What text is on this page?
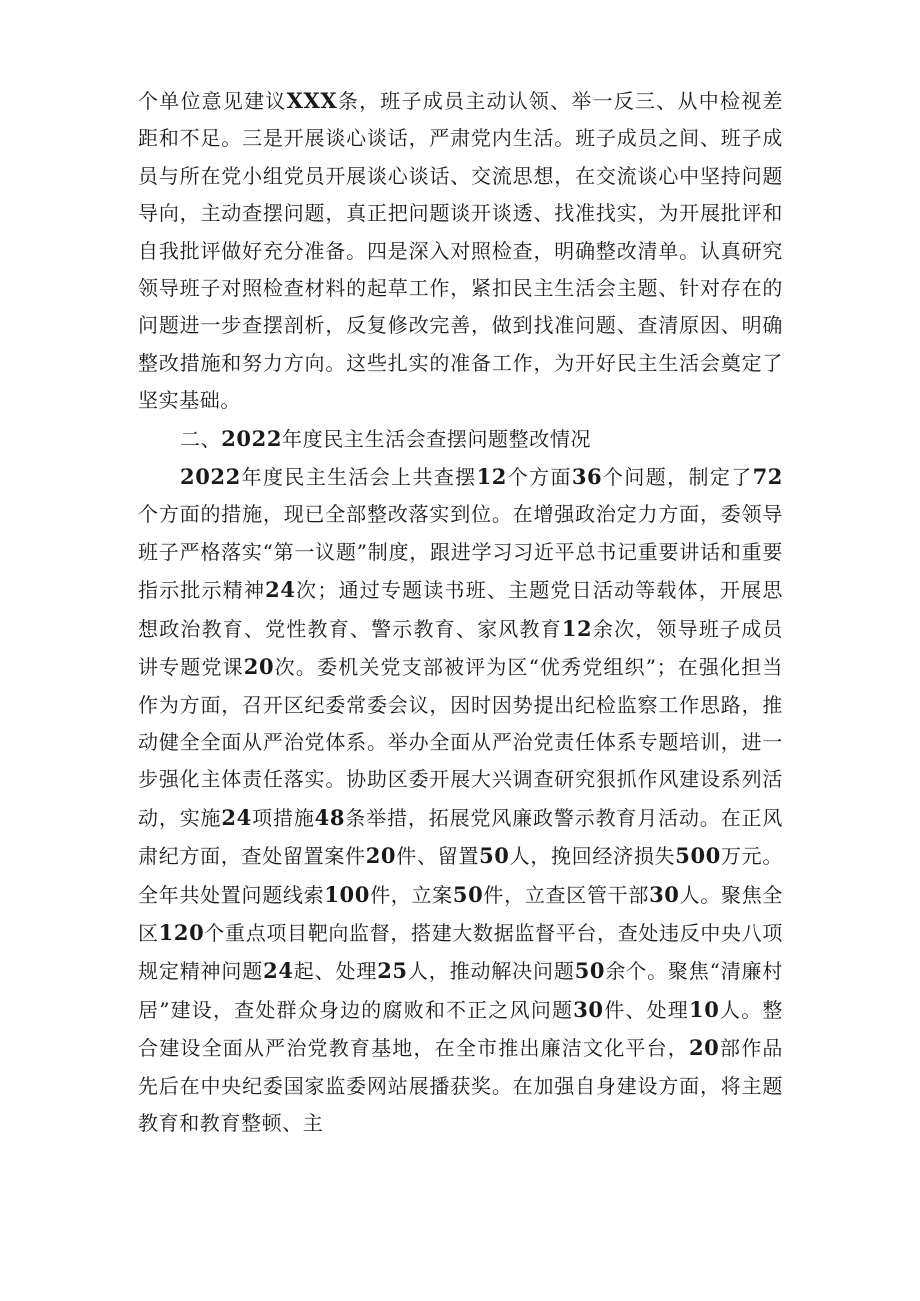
个单位意见建议XXX条，班子成员主动认领、举一反三、从中检视差距和不足。三是开展谈心谈话，严肃党内生活。班子成员之间、班子成员与所在党小组党员开展谈心谈话、交流思想，在交流谈心中坚持问题导向，主动查摆问题，真正把问题谈开谈透、找准找实，为开展批评和自我批评做好充分准备。四是深入对照检查，明确整改清单。认真研究领导班子对照检查材料的起草工作，紧扣民主生活会主题、针对存在的问题进一步查摆剖析，反复修改完善，做到找准问题、查清原因、明确整改措施和努力方向。这些扎实的准备工作，为开好民主生活会奠定了坚实基础。

二、2022年度民主生活会查摆问题整改情况

2022年度民主生活会上共查摆12个方面36个问题，制定了72个方面的措施，现已全部整改落实到位。在增强政治定力方面，委领导班子严格落实“第一议题”制度，跟进学习习近平总书记重要讲话和重要指示批示精神24次；通过专题读书班、主题党日活动等载体，开展思想政治教育、党性教育、警示教育、家风教育12余次，领导班子成员讲专题党课20次。委机关党支部被评为区“优秀党组织”；在强化担当作为方面，召开区纪委常委会议，因时因势提出纪检监察工作思路，推动健全全面从严治党体系。举办全面从严治党责任体系专题培训，进一步强化主体责任落实。协助区委开展大兴调查研究狠抓作风建设系列活动，实施24项措施48条举措，拓展党风廉政警示教育月活动。在正风肃纪方面，查处留置案件20件、留置50人，挽回经济损失500万元。全年共处置问题线索100件，立案50件，立查区管干部30人。聚焦全区120个重点项目靶向监督，搭建大数据监督平台，查处违反中央八项规定精神问题24起、处理25人，推动解决问题50余个。聚焦“清廉村居”建设，查处群众身边的腐败和不正之风问题30件、处理10人。整合建设全面从严治党教育基地，在全市推出廉洁文化平台，20部作品先后在中央纪委国家监委网站展播获奖。在加强自身建设方面，将主题教育和教育整顿、主
